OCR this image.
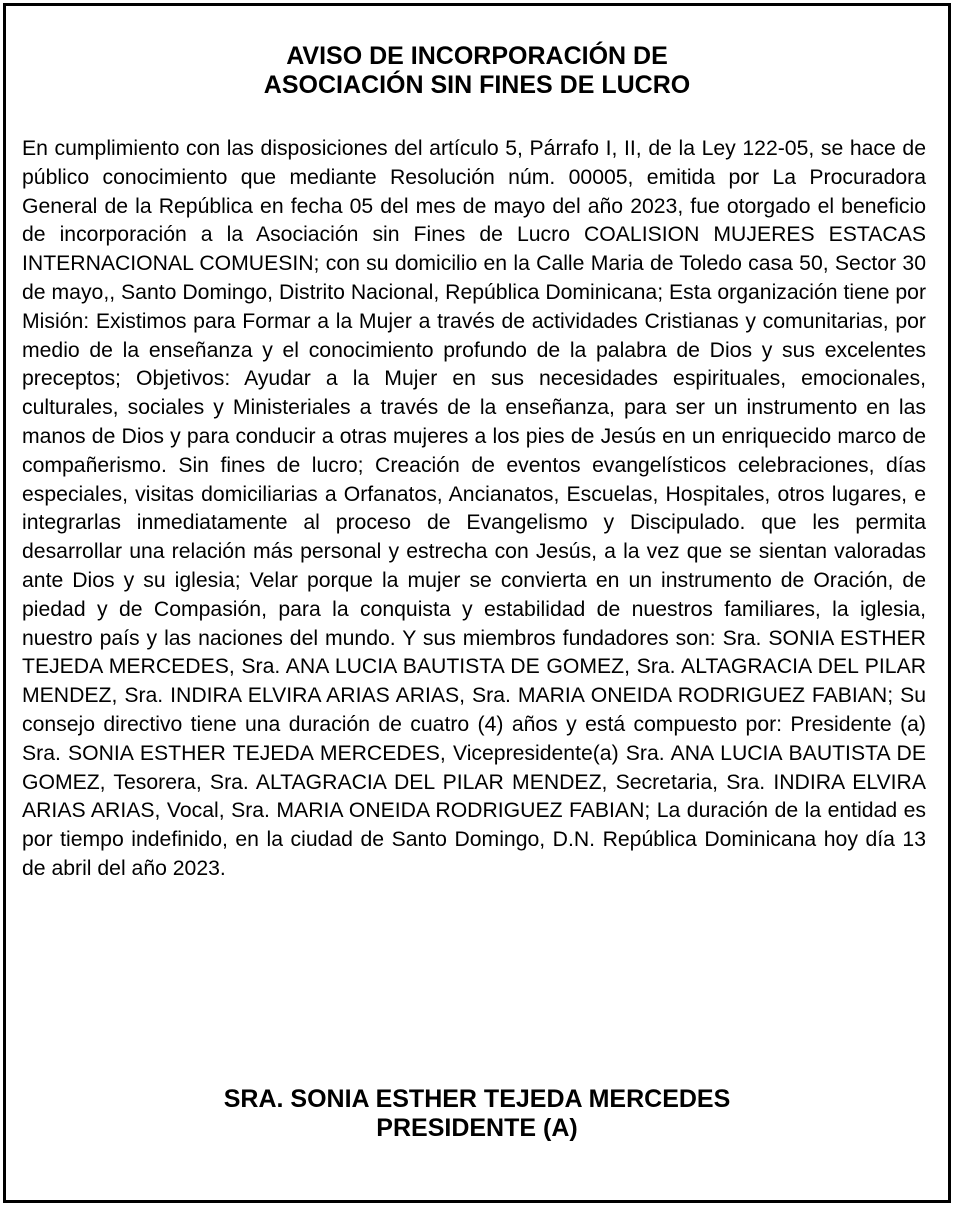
AVISO DE INCORPORACIÓN DE
ASOCIACIÓN SIN FINES DE LUCRO

En cumplimiento con las disposiciones del artículo 5, Párrafo I, II, de la Ley 122-05, se hace de público conocimiento que mediante Resolución núm. 00005, emitida por La Procuradora General de la República en fecha 05 del mes de mayo del año 2023, fue otorgado el beneficio de incorporación a la Asociación sin Fines de Lucro COALISION MUJERES ESTACAS INTERNACIONAL COMUESIN; con su domicilio en la Calle Maria de Toledo casa 50, Sector 30 de mayo,, Santo Domingo, Distrito Nacional, República Dominicana; Esta organización tiene por Misión: Existimos para Formar a la Mujer a través de actividades Cristianas y comunitarias, por medio de la enseñanza y el conocimiento profundo de la palabra de Dios y sus excelentes preceptos; Objetivos: Ayudar a la Mujer en sus necesidades espirituales, emocionales, culturales, sociales y Ministeriales a través de la enseñanza, para ser un instrumento en las manos de Dios y para conducir a otras mujeres a los pies de Jesús en un enriquecido marco de compañerismo. Sin fines de lucro; Creación de eventos evangelísticos celebraciones, días especiales, visitas domiciliarias a Orfanatos, Ancianatos, Escuelas, Hospitales, otros lugares, e integrarlas inmediatamente al proceso de Evangelismo y Discipulado. que les permita desarrollar una relación más personal y estrecha con Jesús, a la vez que se sientan valoradas ante Dios y su iglesia; Velar porque la mujer se convierta en un instrumento de Oración, de piedad y de Compasión, para la conquista y estabilidad de nuestros familiares, la iglesia, nuestro país y las naciones del mundo. Y sus miembros fundadores son: Sra. SONIA ESTHER TEJEDA MERCEDES, Sra. ANA LUCIA BAUTISTA DE GOMEZ, Sra. ALTAGRACIA DEL PILAR MENDEZ, Sra. INDIRA ELVIRA ARIAS ARIAS, Sra. MARIA ONEIDA RODRIGUEZ FABIAN; Su consejo directivo tiene una duración de cuatro (4) años y está compuesto por: Presidente (a) Sra. SONIA ESTHER TEJEDA MERCEDES, Vicepresidente(a) Sra. ANA LUCIA BAUTISTA DE GOMEZ, Tesorera, Sra. ALTAGRACIA DEL PILAR MENDEZ, Secretaria, Sra. INDIRA ELVIRA ARIAS ARIAS, Vocal, Sra. MARIA ONEIDA RODRIGUEZ FABIAN; La duración de la entidad es por tiempo indefinido, en la ciudad de Santo Domingo, D.N. República Dominicana hoy día 13 de abril del año 2023.

SRA. SONIA ESTHER TEJEDA MERCEDES
PRESIDENTE (A)
